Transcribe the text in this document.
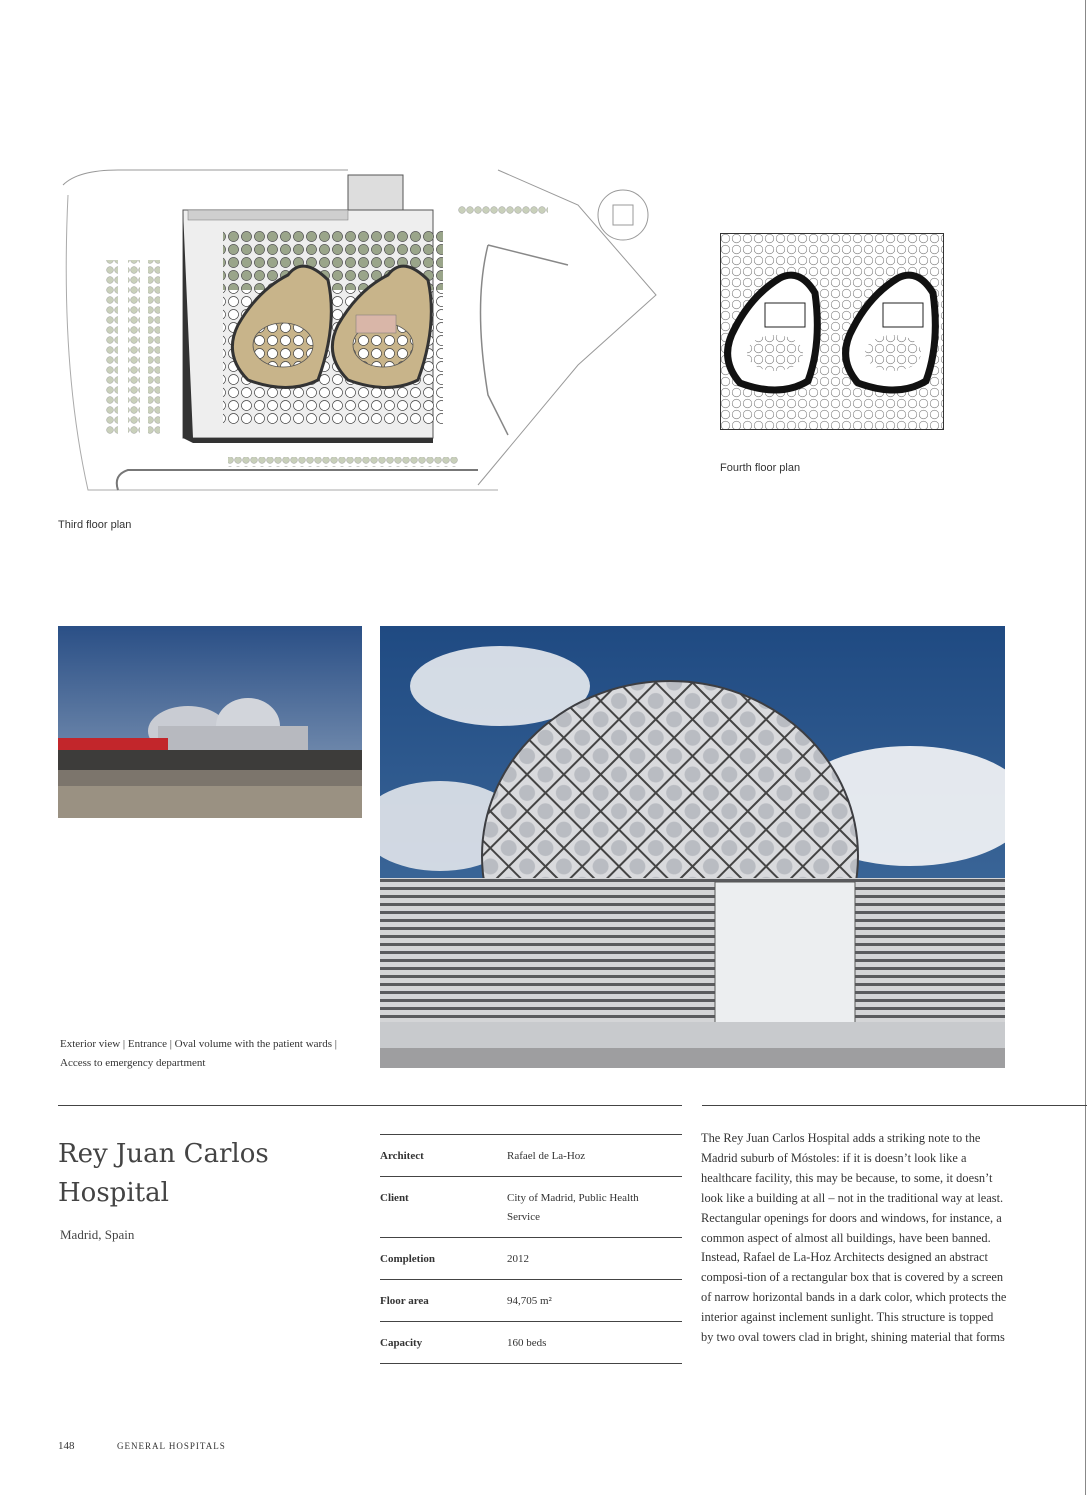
Third floor plan
Fourth floor plan
Exterior view | Entrance | Oval volume with the patient wards | Access to emergency department
Rey Juan Carlos Hospital
Madrid, Spain
Architect	Rafael de La-Hoz
Client	City of Madrid, Public Health Service
Completion	2012
Floor area	94,705 m²
Capacity	160 beds

The Rey Juan Carlos Hospital adds a striking note to the Madrid suburb of Móstoles: if it is doesn’t look like a healthcare facility, this may be because, to some, it doesn’t look like a building at all – not in the traditional way at least. Rectangular openings for doors and windows, for instance, a common aspect of almost all buildings, have been banned. Instead, Rafael de La-Hoz Architects designed an abstract composi-tion of a rectangular box that is covered by a screen of narrow horizontal bands in a dark color, which protects the interior against inclement sunlight. This structure is topped by two oval towers clad in bright, shining material that forms

148	GENERAL HOSPITALS
